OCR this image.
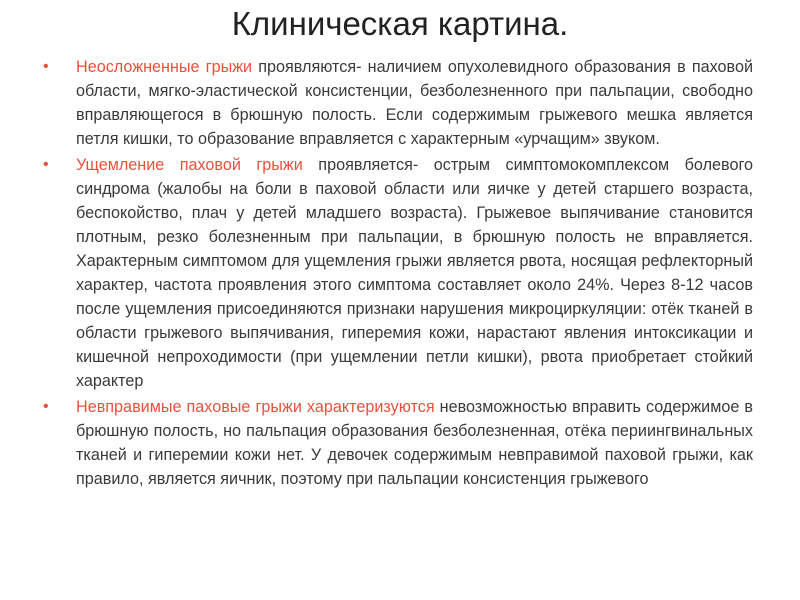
Клиническая картина.
• Неосложненные грыжи проявляются- наличием опухолевидного образования в паховой области, мягко-эластической консистенции, безболезненного при пальпации, свободно вправляющегося в брюшную полость. Если содержимым грыжевого мешка является петля кишки, то образование вправляется с характерным «урчащим» звуком.
• Ущемление паховой грыжи проявляется- острым симптомокомплексом болевого синдрома (жалобы на боли в паховой области или яичке у детей старшего возраста, беспокойство, плач у детей младшего возраста). Грыжевое выпячивание становится плотным, резко болезненным при пальпации, в брюшную полость не вправляется. Характерным симптомом для ущемления грыжи является рвота, носящая рефлекторный характер, частота проявления этого симптома составляет около 24%. Через 8-12 часов после ущемления присоединяются признаки нарушения микроциркуляции: отёк тканей в области грыжевого выпячивания, гиперемия кожи, нарастают явления интоксикации и кишечной непроходимости (при ущемлении петли кишки), рвота приобретает стойкий характер
• Невправимые паховые грыжи характеризуются невозможностью вправить содержимое в брюшную полость, но пальпация образования безболезненная, отёка периингвинальных тканей и гиперемии кожи нет. У девочек содержимым невправимой паховой грыжи, как правило, является яичник, поэтому при пальпации консистенция грыжевого
